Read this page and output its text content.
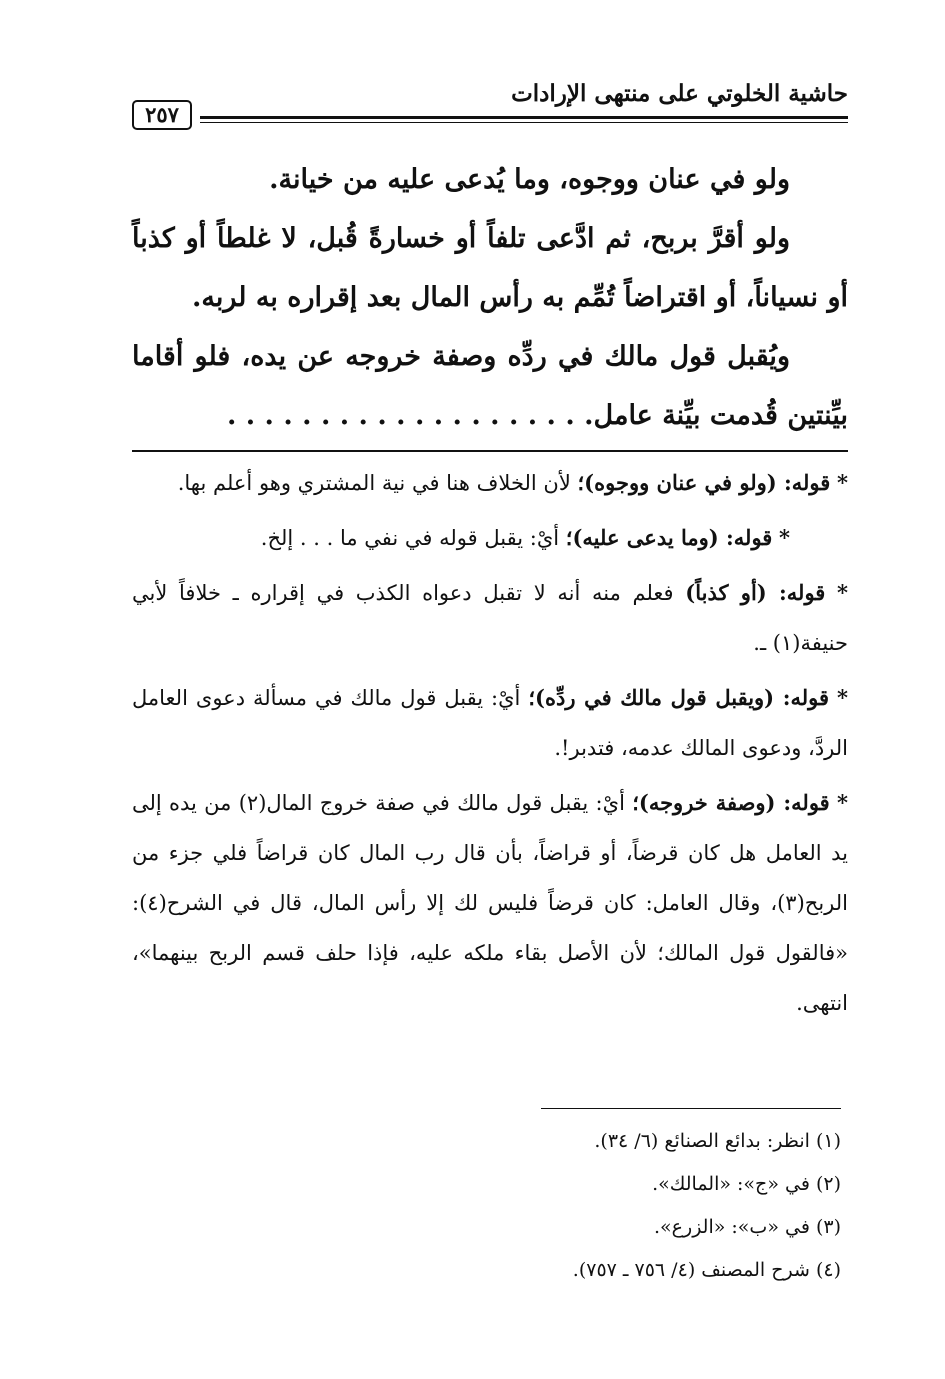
حاشية الخلوتي على منتهى الإرادات
٢٥٧

ولو في عنان ووجوه، وما يُدعى عليه من خيانة.

ولو أقرَّ بربح، ثم ادَّعى تلفاً أو خسارةً قُبل، لا غلطاً أو كذباً أو نسياناً، أو اقتراضاً تُمِّم به رأس المال بعد إقراره به لربه.

ويُقبل قول مالك في ردِّه وصفة خروجه عن يده، فلو أقاما بيِّنتين قُدمت بيِّنة عامل. . . . . . . . . . . . . . . . . . . .

* قوله: (ولو في عنان ووجوه)؛ لأن الخلاف هنا في نية المشتري وهو أعلم بها.

* قوله: (وما يدعى عليه)؛ أيْ: يقبل قوله في نفي ما . . . إلخ.

* قوله: (أو كذباً) فعلم منه أنه لا تقبل دعواه الكذب في إقراره ـ خلافاً لأبي حنيفة(١) ـ.

* قوله: (ويقبل قول مالك في ردِّه)؛ أيْ: يقبل قول مالك في مسألة دعوى العامل الردَّ، ودعوى المالك عدمه، فتدبر!.

* قوله: (وصفة خروجه)؛ أيْ: يقبل قول مالك في صفة خروج المال(٢) من يده إلى يد العامل هل كان قرضاً، أو قراضاً، بأن قال رب المال كان قراضاً فلي جزء من الربح(٣)، وقال العامل: كان قرضاً فليس لك إلا رأس المال، قال في الشرح(٤): «فالقول قول المالك؛ لأن الأصل بقاء ملكه عليه، فإذا حلف قسم الربح بينهما»، انتهى.

(١) انظر: بدائع الصنائع (٦/ ٣٤).
(٢) في «ج»: «المالك».
(٣) في «ب»: «الزرع».
(٤) شرح المصنف (٤/ ٧٥٦ ـ ٧٥٧).
